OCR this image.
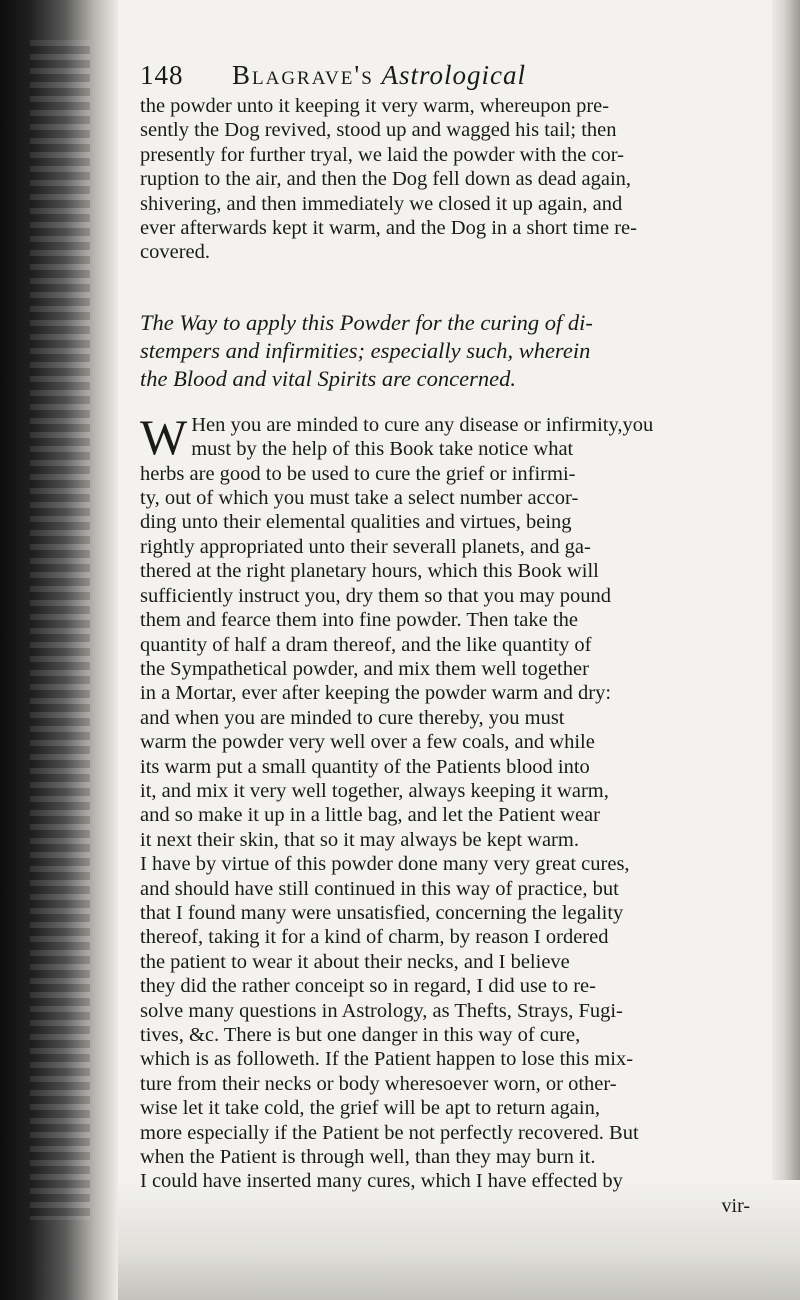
148 Blagrave's Astrological
the powder unto it keeping it very warm, whereupon pre-
sently the Dog revived, stood up and wagged his tail; then
presently for further tryal, we laid the powder with the cor-
ruption to the air, and then the Dog fell down as dead again,
shivering, and then immediately we closed it up again, and
ever afterwards kept it warm, and the Dog in a short time re-
covered.
The Way to apply this Powder for the curing of di-
stempers and infirmities; especially such, wherein
the Blood and vital Spirits are concerned.
W Hen you are minded to cure any disease or infirmity,you
must by the help of this Book take notice what
herbs are good to be used to cure the grief or infirmi-
ty, out of which you must take a select number accor-
ding unto their elemental qualities and virtues, being
rightly appropriated unto their severall planets, and ga-
thered at the right planetary hours, which this Book will
sufficiently instruct you, dry them so that you may pound
them and fearce them into fine powder. Then take the
quantity of half a dram thereof, and the like quantity of
the Sympathetical powder, and mix them well together
in a Mortar, ever after keeping the powder warm and dry:
and when you are minded to cure thereby, you must
warm the powder very well over a few coals, and while
its warm put a small quantity of the Patients blood into
it, and mix it very well together, always keeping it warm,
and so make it up in a little bag, and let the Patient wear
it next their skin, that so it may always be kept warm.
I have by virtue of this powder done many very great cures,
and should have still continued in this way of practice, but
that I found many were unsatisfied, concerning the legality
thereof, taking it for a kind of charm, by reason I ordered
the patient to wear it about their necks, and I believe
they did the rather conceipt so in regard, I did use to re-
solve many questions in Astrology, as Thefts, Strays, Fugi-
tives, &c. There is but one danger in this way of cure,
which is as followeth. If the Patient happen to lose this mix-
ture from their necks or body wheresoever worn, or other-
wise let it take cold, the grief will be apt to return again,
more especially if the Patient be not perfectly recovered. But
when the Patient is through well, than they may burn it.
I could have inserted many cures, which I have effected by
vir-
